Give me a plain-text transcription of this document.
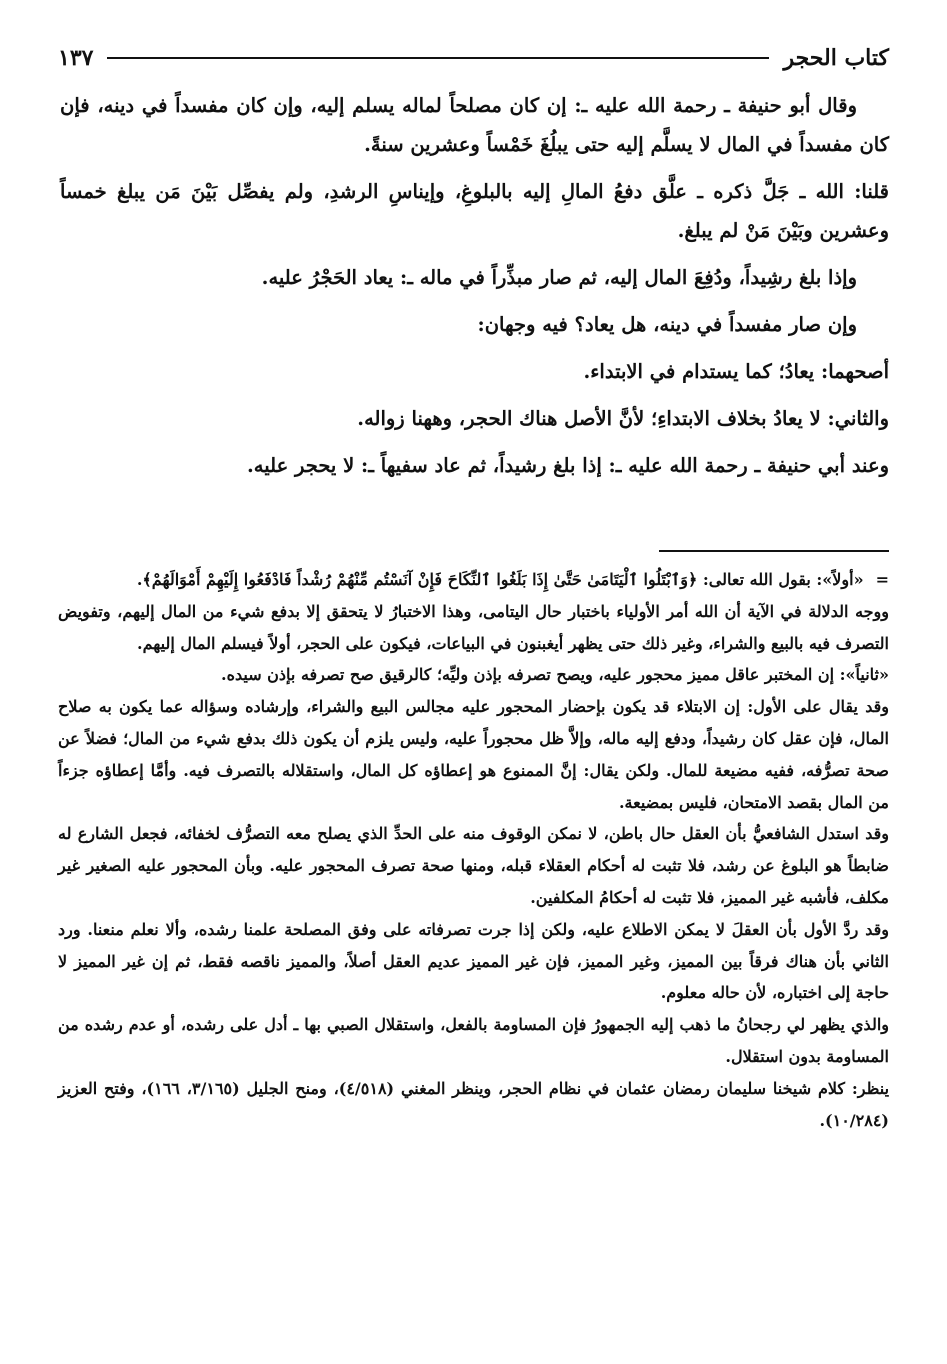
كتاب الحجر
١٣٧

وقال أبو حنيفة ـ رحمة الله عليه ـ: إن كان مصلحاً لماله يسلم إليه، وإن كان مفسداً في دينه، فإن كان مفسداً في المال لا يسلَّم إليه حتى يبلُغَ خَمْساً وعشرين سنةً.

قلنا: الله ـ جَلَّ ذكره ـ علَّق دفعُ المالِ إليه بالبلوغِ، وإيناسِ الرشدِ، ولم يفصِّل بَيْنَ مَن يبلغ خمساً وعشرين وبَيْنَ مَنْ لم يبلغ.

وإذا بلغ رشِيداً، ودُفِعَ المال إليه، ثم صار مبذِّراً في ماله ـ: يعاد الحَجْرُ عليه.

وإن صار مفسداً في دينه، هل يعاد؟ فيه وجهان:

أصحهما: يعادُ؛ كما يستدام في الابتداء.

والثاني: لا يعادُ بخلاف الابتداءِ؛ لأنَّ الأصل هناك الحجر، وههنا زواله.

وعند أبي حنيفة ـ رحمة الله عليه ـ: إذا بلغ رشيداً، ثم عاد سفيهاً ـ: لا يحجر عليه.

=«أولاً»: بقول الله تعالى: ﴿وَٱبْتَلُوا ٱلْيَتَامَىٰ حَتَّىٰ إِذَا بَلَغُوا ٱلنِّكَاحَ فَإِنْ آنَسْتُم مِّنْهُمْ رُشْداً فَادْفَعُوا إِلَيْهِمْ أَمْوَالَهُمْ﴾.

ووجه الدلالة في الآية أن الله أمر الأولياء باختبار حال اليتامى، وهذا الاختبارُ لا يتحقق إلا بدفع شيء من المال إليهم، وتفويض التصرف فيه بالبيع والشراء، وغير ذلك حتى يظهر أيغبنون في البياعات، فيكون على الحجر، أولاً فيسلم المال إليهم.

«ثانياً»: إن المختبر عاقل مميز محجور عليه، ويصح تصرفه بإذن وليِّه؛ كالرقيق صح تصرفه بإذن سيده.

وقد يقال على الأول: إن الابتلاء قد يكون بإحضار المحجور عليه مجالس البيع والشراء، وإرشاده وسؤاله عما يكون به صلاح المال، فإن عقل كان رشيداً، ودفع إليه ماله، وإلاَّ ظل محجوراً عليه، وليس يلزم أن يكون ذلك بدفع شيء من المال؛ فضلاً عن صحة تصرُّفه، ففيه مضيعة للمال. ولكن يقال: إنَّ الممنوع هو إعطاؤه كل المال، واستقلاله بالتصرف فيه. وأمَّا إعطاؤه جزءاً من المال بقصد الامتحان، فليس بمضيعة.

وقد استدل الشافعيُّ بأن العقل حال باطن، لا نمكن الوقوف منه على الحدِّ الذي يصلح معه التصرُّف لخفائه، فجعل الشارع له ضابطاً هو البلوغ عن رشد، فلا تثبت له أحكام العقلاء قبله، ومنها صحة تصرف المحجور عليه. وبأن المحجور عليه الصغير غير مكلف، فأشبه غير المميز، فلا تثبت له أحكامُ المكلفين.

وقد ردَّ الأول بأن العقلَ لا يمكن الاطلاع عليه، ولكن إذا جرت تصرفاته على وفق المصلحة علمنا رشده، وألا نعلم منعنا. ورد الثاني بأن هناك فرقاً بين المميز، وغير المميز، فإن غير المميز عديم العقل أصلاً، والمميز ناقصه فقط، ثم إن غير المميز لا حاجة إلى اختباره، لأن حاله معلوم.

والذي يظهر لي رجحانُ ما ذهب إليه الجمهورُ فإن المساومة بالفعل، واستقلال الصبي بها ـ أدل على رشده، أو عدم رشده من المساومة بدون استقلال.

ينظر: كلام شيخنا سليمان رمضان عثمان في نظام الحجر، وينظر المغني (٤/٥١٨)، ومنح الجليل (٣/١٦٥، ١٦٦)، وفتح العزيز (١٠/٢٨٤).
